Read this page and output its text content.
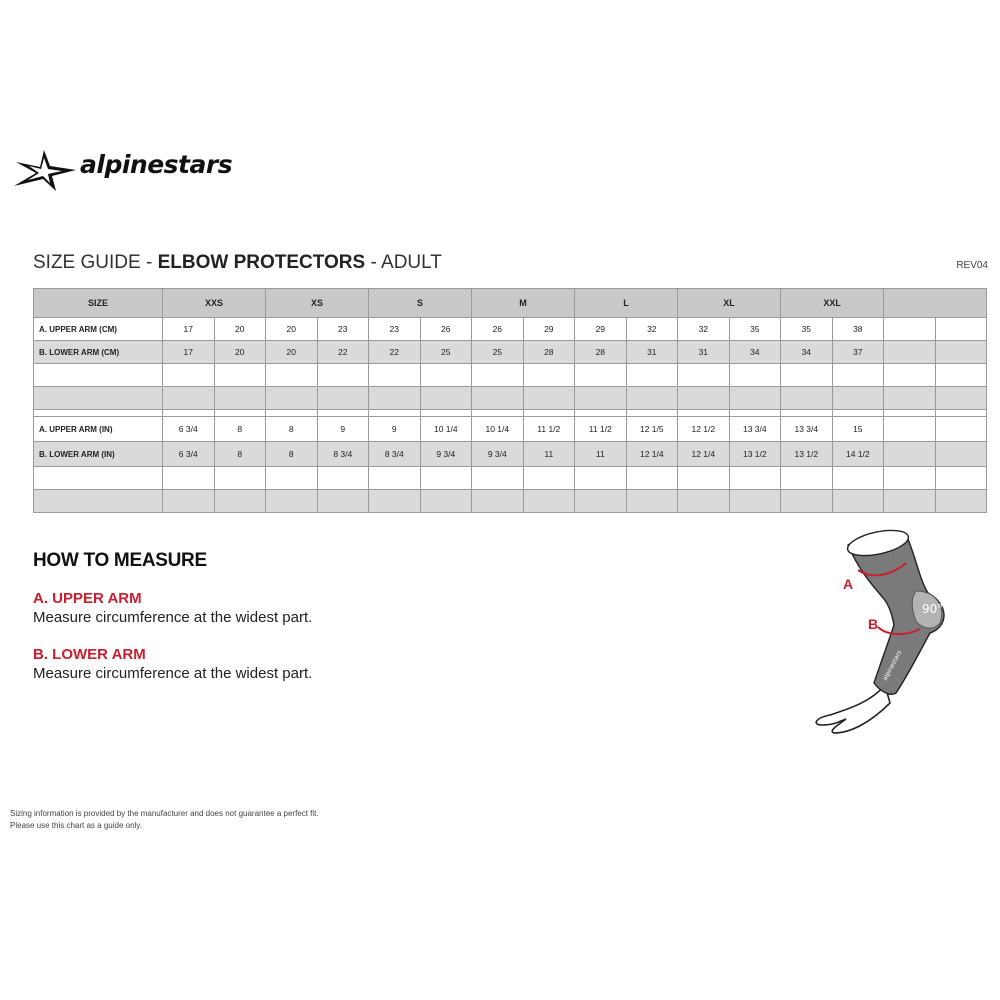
alpinestars
SIZE GUIDE - ELBOW PROTECTORS - ADULT	REV04
SIZE	XXS		XS		S		M		L		XL		XXL			
A. UPPER ARM (CM)	17	20	20	23	23	26	26	29	29	32	32	35	35	38		
B. LOWER ARM (CM)	17	20	20	22	22	25	25	28	28	31	31	34	34	37		

A. UPPER ARM (IN)	6 3/4	8	8	9	9	10 1/4	10 1/4	11 1/2	11 1/2	12 1/5	12 1/2	13 3/4	13 3/4	15		
B. LOWER ARM (IN)	6 3/4	8	8	8 3/4	8 3/4	9 3/4	9 3/4	11	11	12 1/4	12 1/4	13 1/2	13 1/2	14 1/2		

HOW TO MEASURE
A. UPPER ARM
Measure circumference at the widest part.
B. LOWER ARM
Measure circumference at the widest part.
90°
A
B
alpinestars
Sizing information is provided by the manufacturer and does not guarantee a perfect fit.
Please use this chart as a guide only.
